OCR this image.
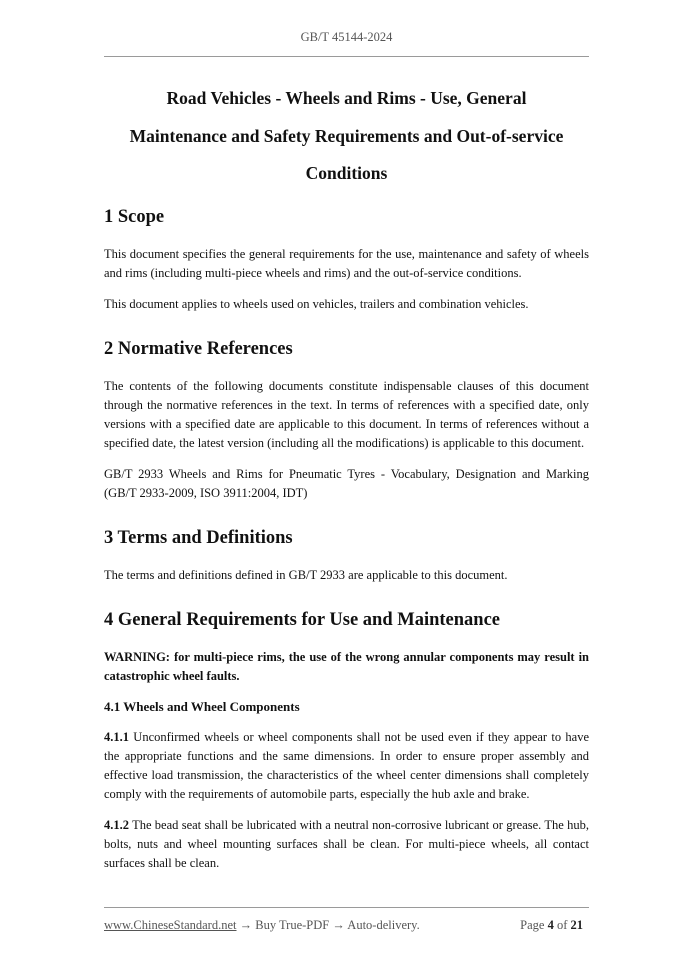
GB/T 45144-2024
Road Vehicles - Wheels and Rims - Use, General
Maintenance and Safety Requirements and Out-of-service
Conditions
1 Scope

This document specifies the general requirements for the use, maintenance and safety of wheels and rims (including multi-piece wheels and rims) and the out-of-service conditions.

This document applies to wheels used on vehicles, trailers and combination vehicles.

2 Normative References

The contents of the following documents constitute indispensable clauses of this document through the normative references in the text. In terms of references with a specified date, only versions with a specified date are applicable to this document. In terms of references without a specified date, the latest version (including all the modifications) is applicable to this document.

GB/T 2933 Wheels and Rims for Pneumatic Tyres - Vocabulary, Designation and Marking (GB/T 2933-2009, ISO 3911:2004, IDT)

3 Terms and Definitions

The terms and definitions defined in GB/T 2933 are applicable to this document.

4 General Requirements for Use and Maintenance

WARNING: for multi-piece rims, the use of the wrong annular components may result in catastrophic wheel faults.

4.1 Wheels and Wheel Components

4.1.1 Unconfirmed wheels or wheel components shall not be used even if they appear to have the appropriate functions and the same dimensions. In order to ensure proper assembly and effective load transmission, the characteristics of the wheel center dimensions shall completely comply with the requirements of automobile parts, especially the hub axle and brake.

4.1.2 The bead seat shall be lubricated with a neutral non-corrosive lubricant or grease. The hub, bolts, nuts and wheel mounting surfaces shall be clean. For multi-piece wheels, all contact surfaces shall be clean.

www.ChineseStandard.net → Buy True-PDF → Auto-delivery.	Page 4 of 21
